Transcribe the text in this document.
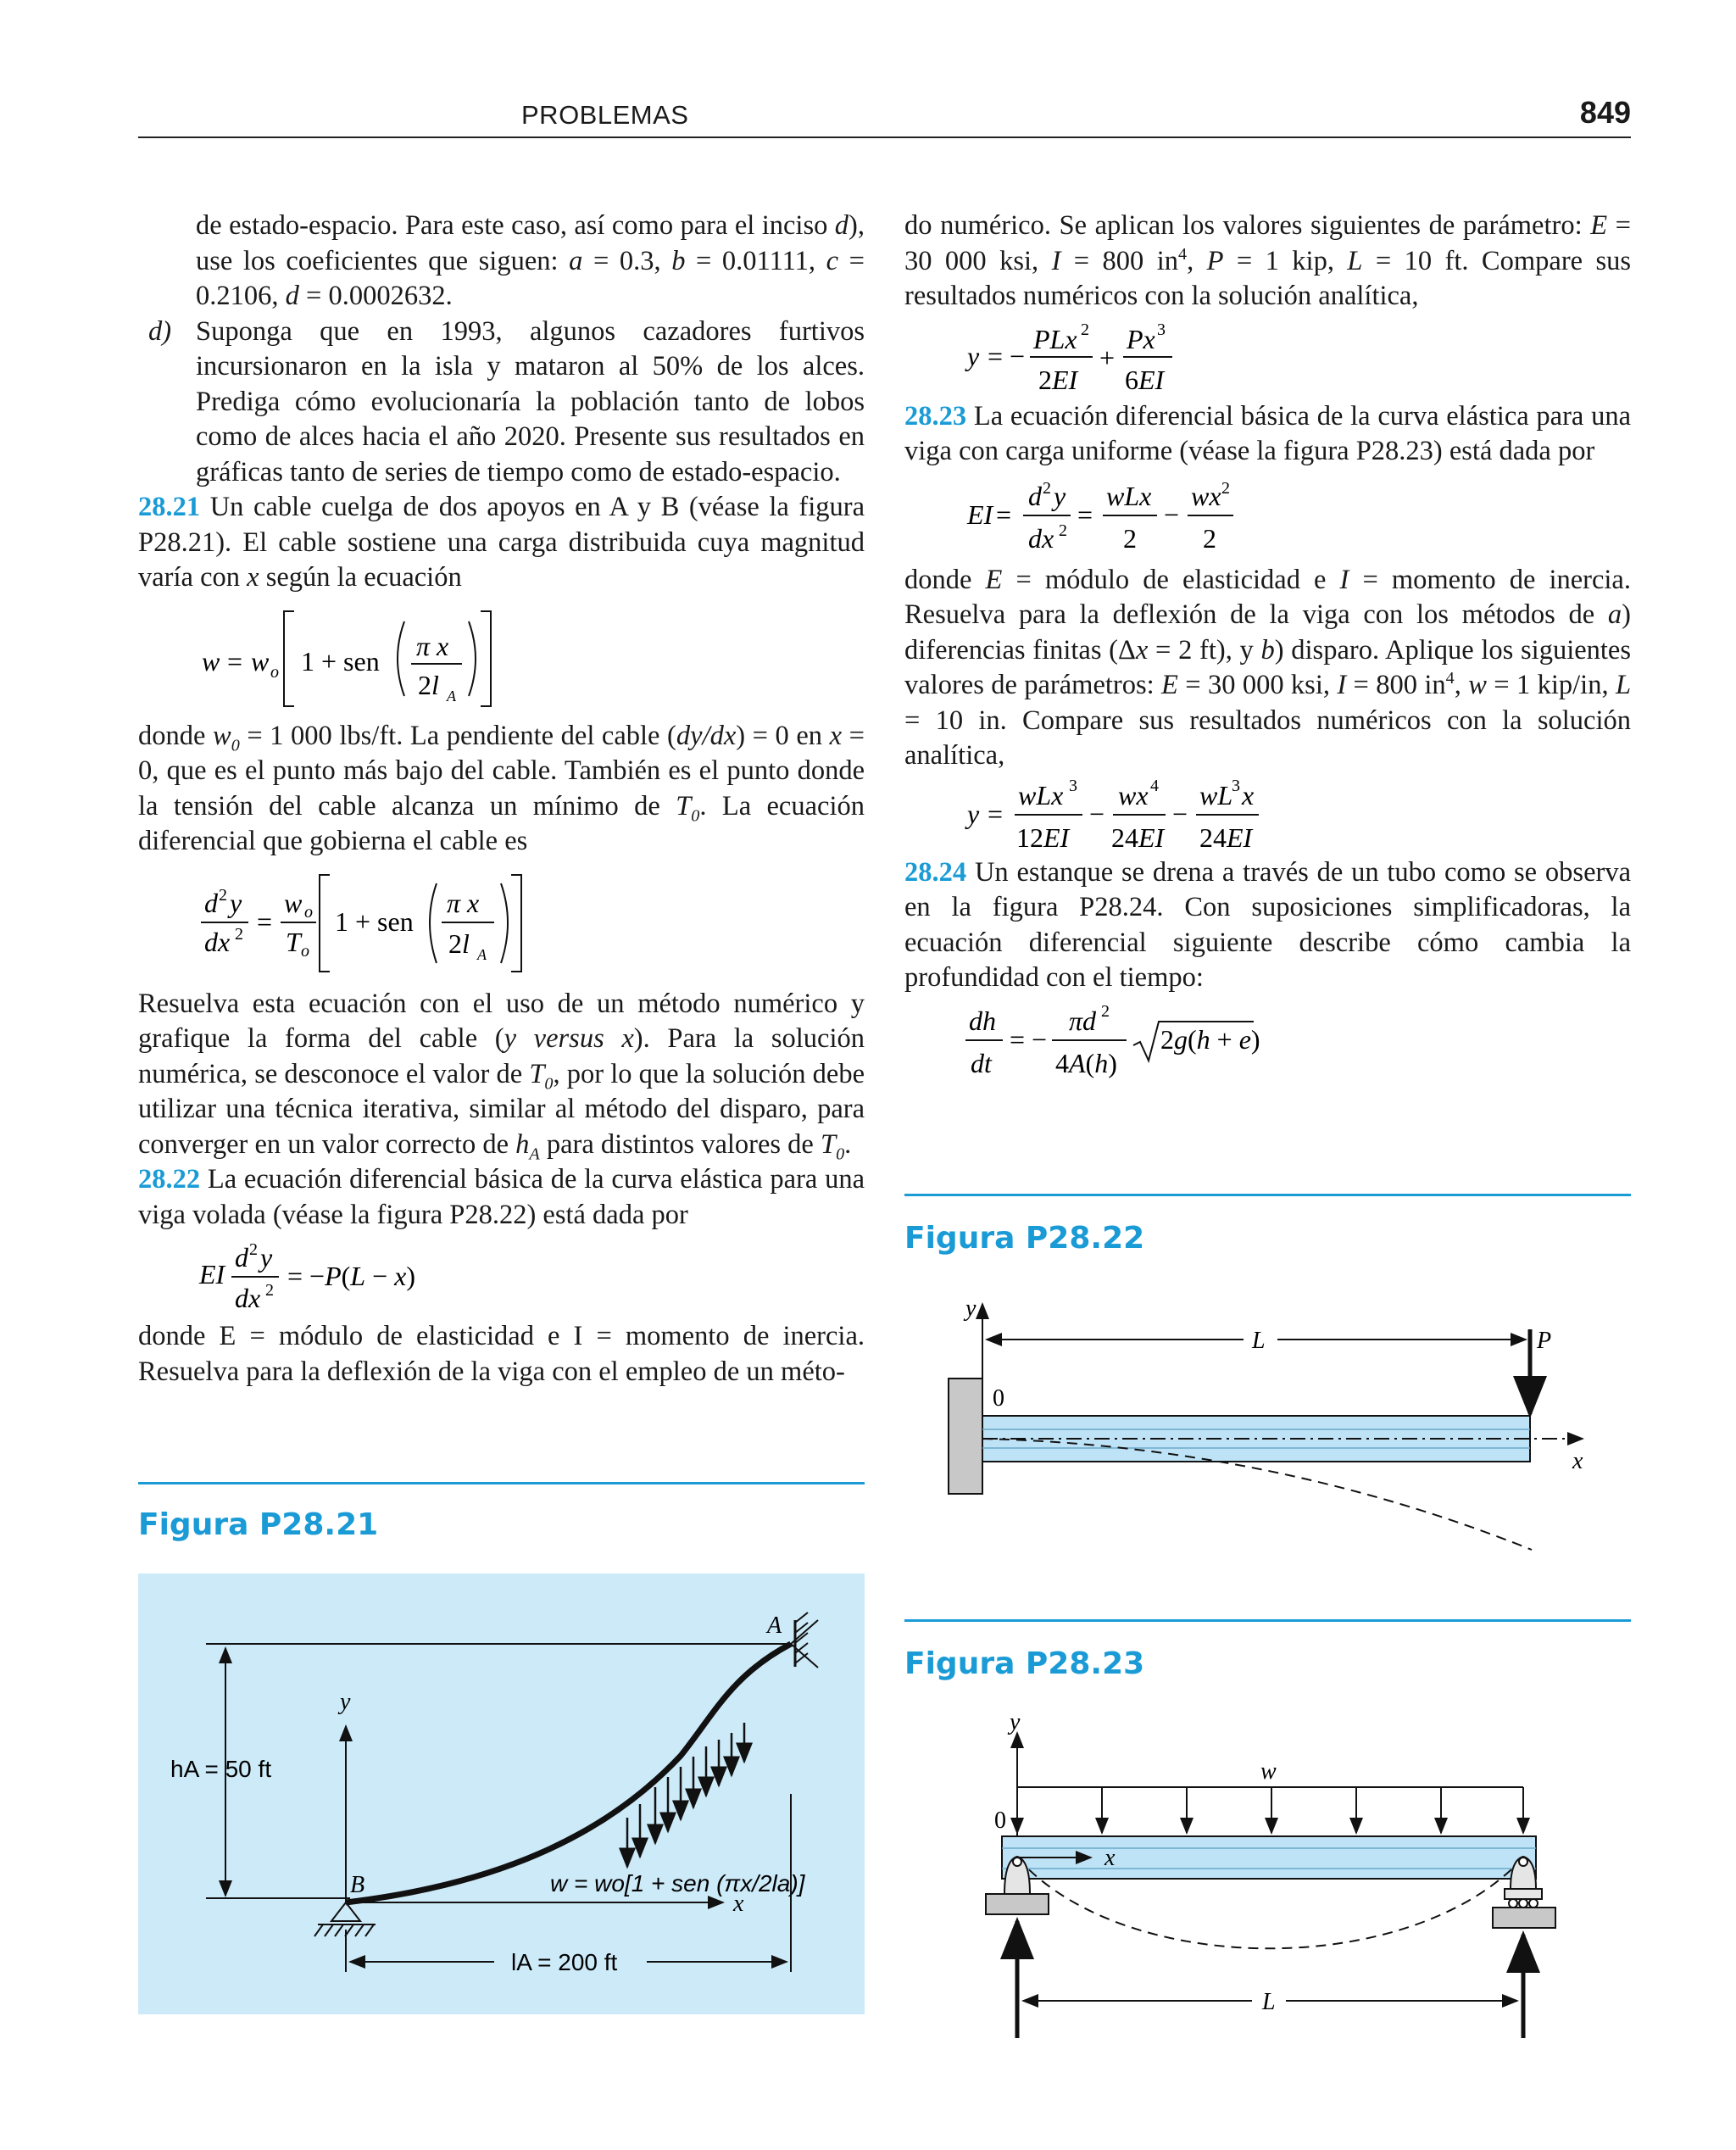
PROBLEMAS	849

de estado-espacio. Para este caso, así como para el inciso d), use los coeficientes que siguen: a = 0.3, b = 0.01111, c = 0.2106, d = 0.0002632.

d) Suponga que en 1993, algunos cazadores furtivos incursionaron en la isla y mataron al 50% de los alces. Prediga cómo evolucionaría la población tanto de lobos como de alces hacia el año 2020. Presente sus resultados en gráficas tanto de series de tiempo como de estado-espacio.

28.21 Un cable cuelga de dos apoyos en A y B (véase la figura P28.21). El cable sostiene una carga distribuida cuya magnitud varía con x según la ecuación

w = w o 1 + sen π x
2l A

donde $w_0 = 1$ 000 lbs/ft. La pendiente del cable (dy/dx) = 0 en x = 0, que es el punto más bajo del cable. También es el punto donde la tensión del cable alcanza un mínimo de $T_0$. La ecuación diferencial que gobierna el cable es

d 2 y
dx 2 =
w o
T o
1 + sen
π x
2l A

Resuelva esta ecuación con el uso de un método numérico y grafique la forma del cable (y versus x). Para la solución numérica, se desconoce el valor de $T_0$, por lo que la solución debe utilizar una técnica iterativa, similar al método del disparo, para converger en un valor correcto de $h_A$ para distintos valores de $T_0$.

28.22 La ecuación diferencial básica de la curva elástica para una viga volada (véase la figura P28.22) está dada por

EI
d 2 y
dx 2 = −P(L − x)

donde E = módulo de elasticidad e I = momento de inercia. Resuelva para la deflexión de la viga con el empleo de un méto-

do numérico. Se aplican los valores siguientes de parámetro: E = 30 000 ksi, I = 800 $in^4$, P = 1 kip, L = 10 ft. Compare sus resultados numéricos con la solución analítica,

y = −
PLx 2
2EI
+
Px 3
6EI

28.23 La ecuación diferencial básica de la curva elástica para una viga con carga uniforme (véase la figura P28.23) está dada por

EI =
d 2 y
dx 2
=
wLx
2
−
wx 2
2

donde E = módulo de elasticidad e I = momento de inercia. Resuelva para la deflexión de la viga con los métodos de a) diferencias finitas (Δx = 2 ft), y b) disparo. Aplique los siguientes valores de parámetros: E = 30 000 ksi, I = 800 $in^4$, w = 1 kip/in, L = 10 in. Compare sus resultados numéricos con la solución analítica,

y =
wLx 3
12EI
−
wx 4
24EI
−
wL
3 x
24EI

28.24 Un estanque se drena a través de un tubo como se observa en la figura P28.24. Con suposiciones simplificadoras, la ecuación diferencial siguiente describe cómo cambia la profundidad con el tiempo:

dh
dt
= −
πd 2
4A(h)
2g(h + e)
Figura P28.21
hA = 50 ft
y
x
A
B	w = wo[1 + sen (πx/2la)]
lA = 200 ft
Figura P28.22
y
L
0
x
P
Figura P28.23
y
w
0
x
L
